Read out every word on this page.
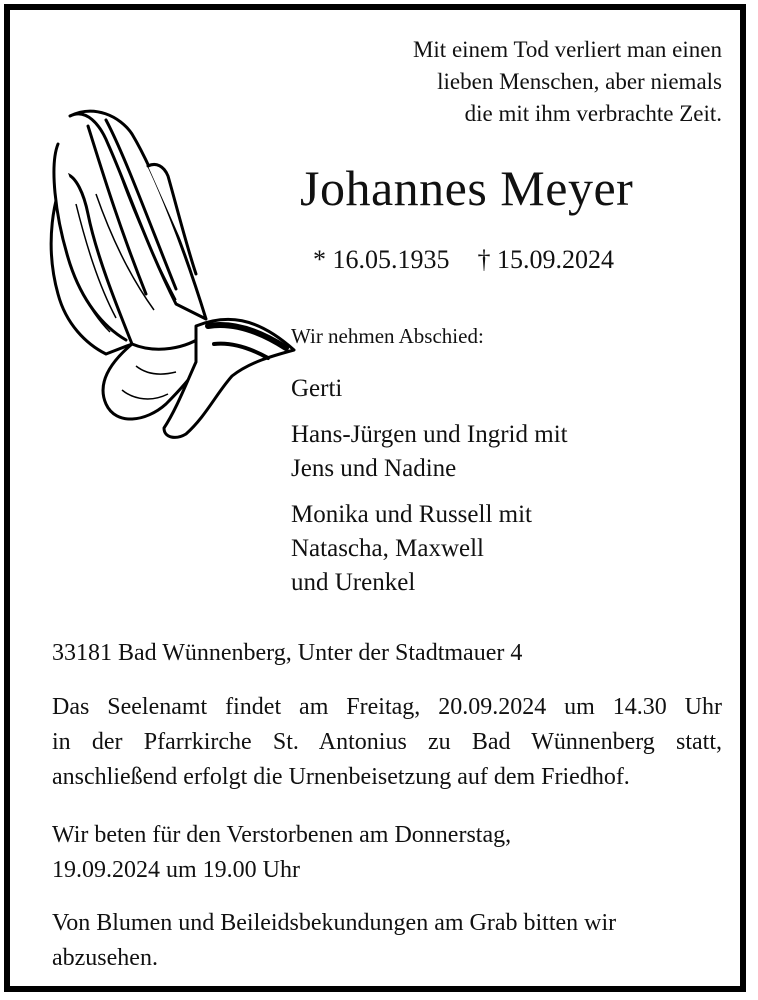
Mit einem Tod verliert man einen
lieben Menschen, aber niemals
die mit ihm verbrachte Zeit.
Johannes Meyer
* 16.05.1935 † 15.09.2024
Wir nehmen Abschied:
Gerti
Hans-Jürgen und Ingrid mit
Jens und Nadine
Monika und Russell mit
Natascha, Maxwell
und Urenkel
33181 Bad Wünnenberg, Unter der Stadtmauer 4
Das Seelenamt findet am Freitag, 20.09.2024 um 14.30 Uhr
in der Pfarrkirche St. Antonius zu Bad Wünnenberg statt,
anschließend erfolgt die Urnenbeisetzung auf dem Friedhof.
Wir beten für den Verstorbenen am Donnerstag,
19.09.2024 um 19.00 Uhr
Von Blumen und Beileidsbekundungen am Grab bitten wir
abzusehen.
